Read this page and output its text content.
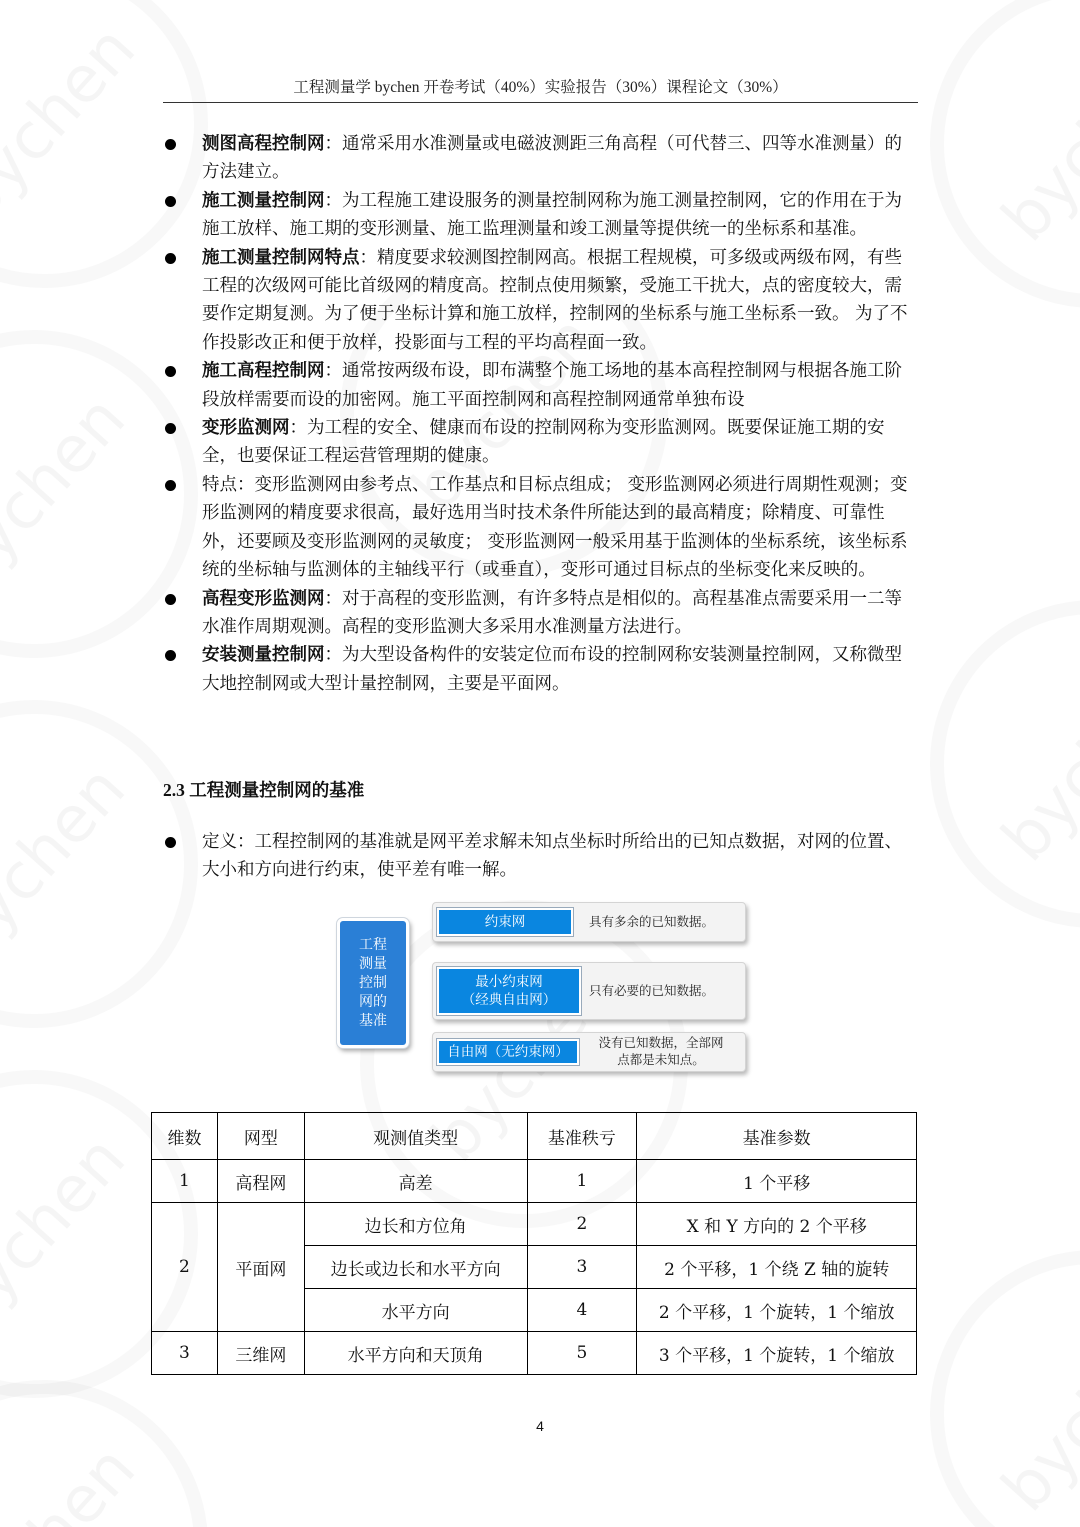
工程测量学 bychen 开卷考试（40%）实验报告（30%）课程论文（30%）

测图高程控制网：通常采用水准测量或电磁波测距三角高程（可代替三、四等水准测量）的方法建立。

施工测量控制网：为工程施工建设服务的测量控制网称为施工测量控制网，它的作用在于为施工放样、施工期的变形测量、施工监理测量和竣工测量等提供统一的坐标系和基准。

施工测量控制网特点：精度要求较测图控制网高。根据工程规模，可多级或两级布网，有些工程的次级网可能比首级网的精度高。控制点使用频繁，受施工干扰大，点的密度较大，需要作定期复测。为了便于坐标计算和施工放样，控制网的坐标系与施工坐标系一致。 为了不作投影改正和便于放样，投影面与工程的平均高程面一致。

施工高程控制网：通常按两级布设，即布满整个施工场地的基本高程控制网与根据各施工阶段放样需要而设的加密网。施工平面控制网和高程控制网通常单独布设

变形监测网：为工程的安全、健康而布设的控制网称为变形监测网。既要保证施工期的安全，也要保证工程运营管理期的健康。

特点：变形监测网由参考点、工作基点和目标点组成； 变形监测网必须进行周期性观测；变形监测网的精度要求很高，最好选用当时技术条件所能达到的最高精度；除精度、可靠性外，还要顾及变形监测网的灵敏度； 变形监测网一般采用基于监测体的坐标系统，该坐标系统的坐标轴与监测体的主轴线平行（或垂直），变形可通过目标点的坐标变化来反映的。

高程变形监测网：对于高程的变形监测，有许多特点是相似的。高程基准点需要采用一二等水准作周期观测。高程的变形监测大多采用水准测量方法进行。

安装测量控制网：为大型设备构件的安装定位而布设的控制网称安装测量控制网，又称微型大地控制网或大型计量控制网，主要是平面网。

2.3 工程测量控制网的基准

定义：工程控制网的基准就是网平差求解未知点坐标时所给出的已知点数据，对网的位置、大小和方向进行约束，使平差有唯一解。

工程
测量
控制
网的
基准
约束网	具有多余的已知数据。
最小约束网
（经典自由网）
只有必要的已知数据。
自由网（无约束网）
没有已知数据，全部网
点都是未知点。
维数	网型	观测值类型	基准秩亏	基准参数
1	高程网	高差	1	1 个平移
2	平面网	边长和方位角	2	X 和 Y 方向的 2 个平移
		边长或边长和水平方向	3	2 个平移，1 个绕 Z 轴的旋转
		水平方向	4	2 个平移，1 个旋转，1 个缩放
3	三维网	水平方向和天顶角	5	3 个平移，1 个旋转，1 个缩放
4
